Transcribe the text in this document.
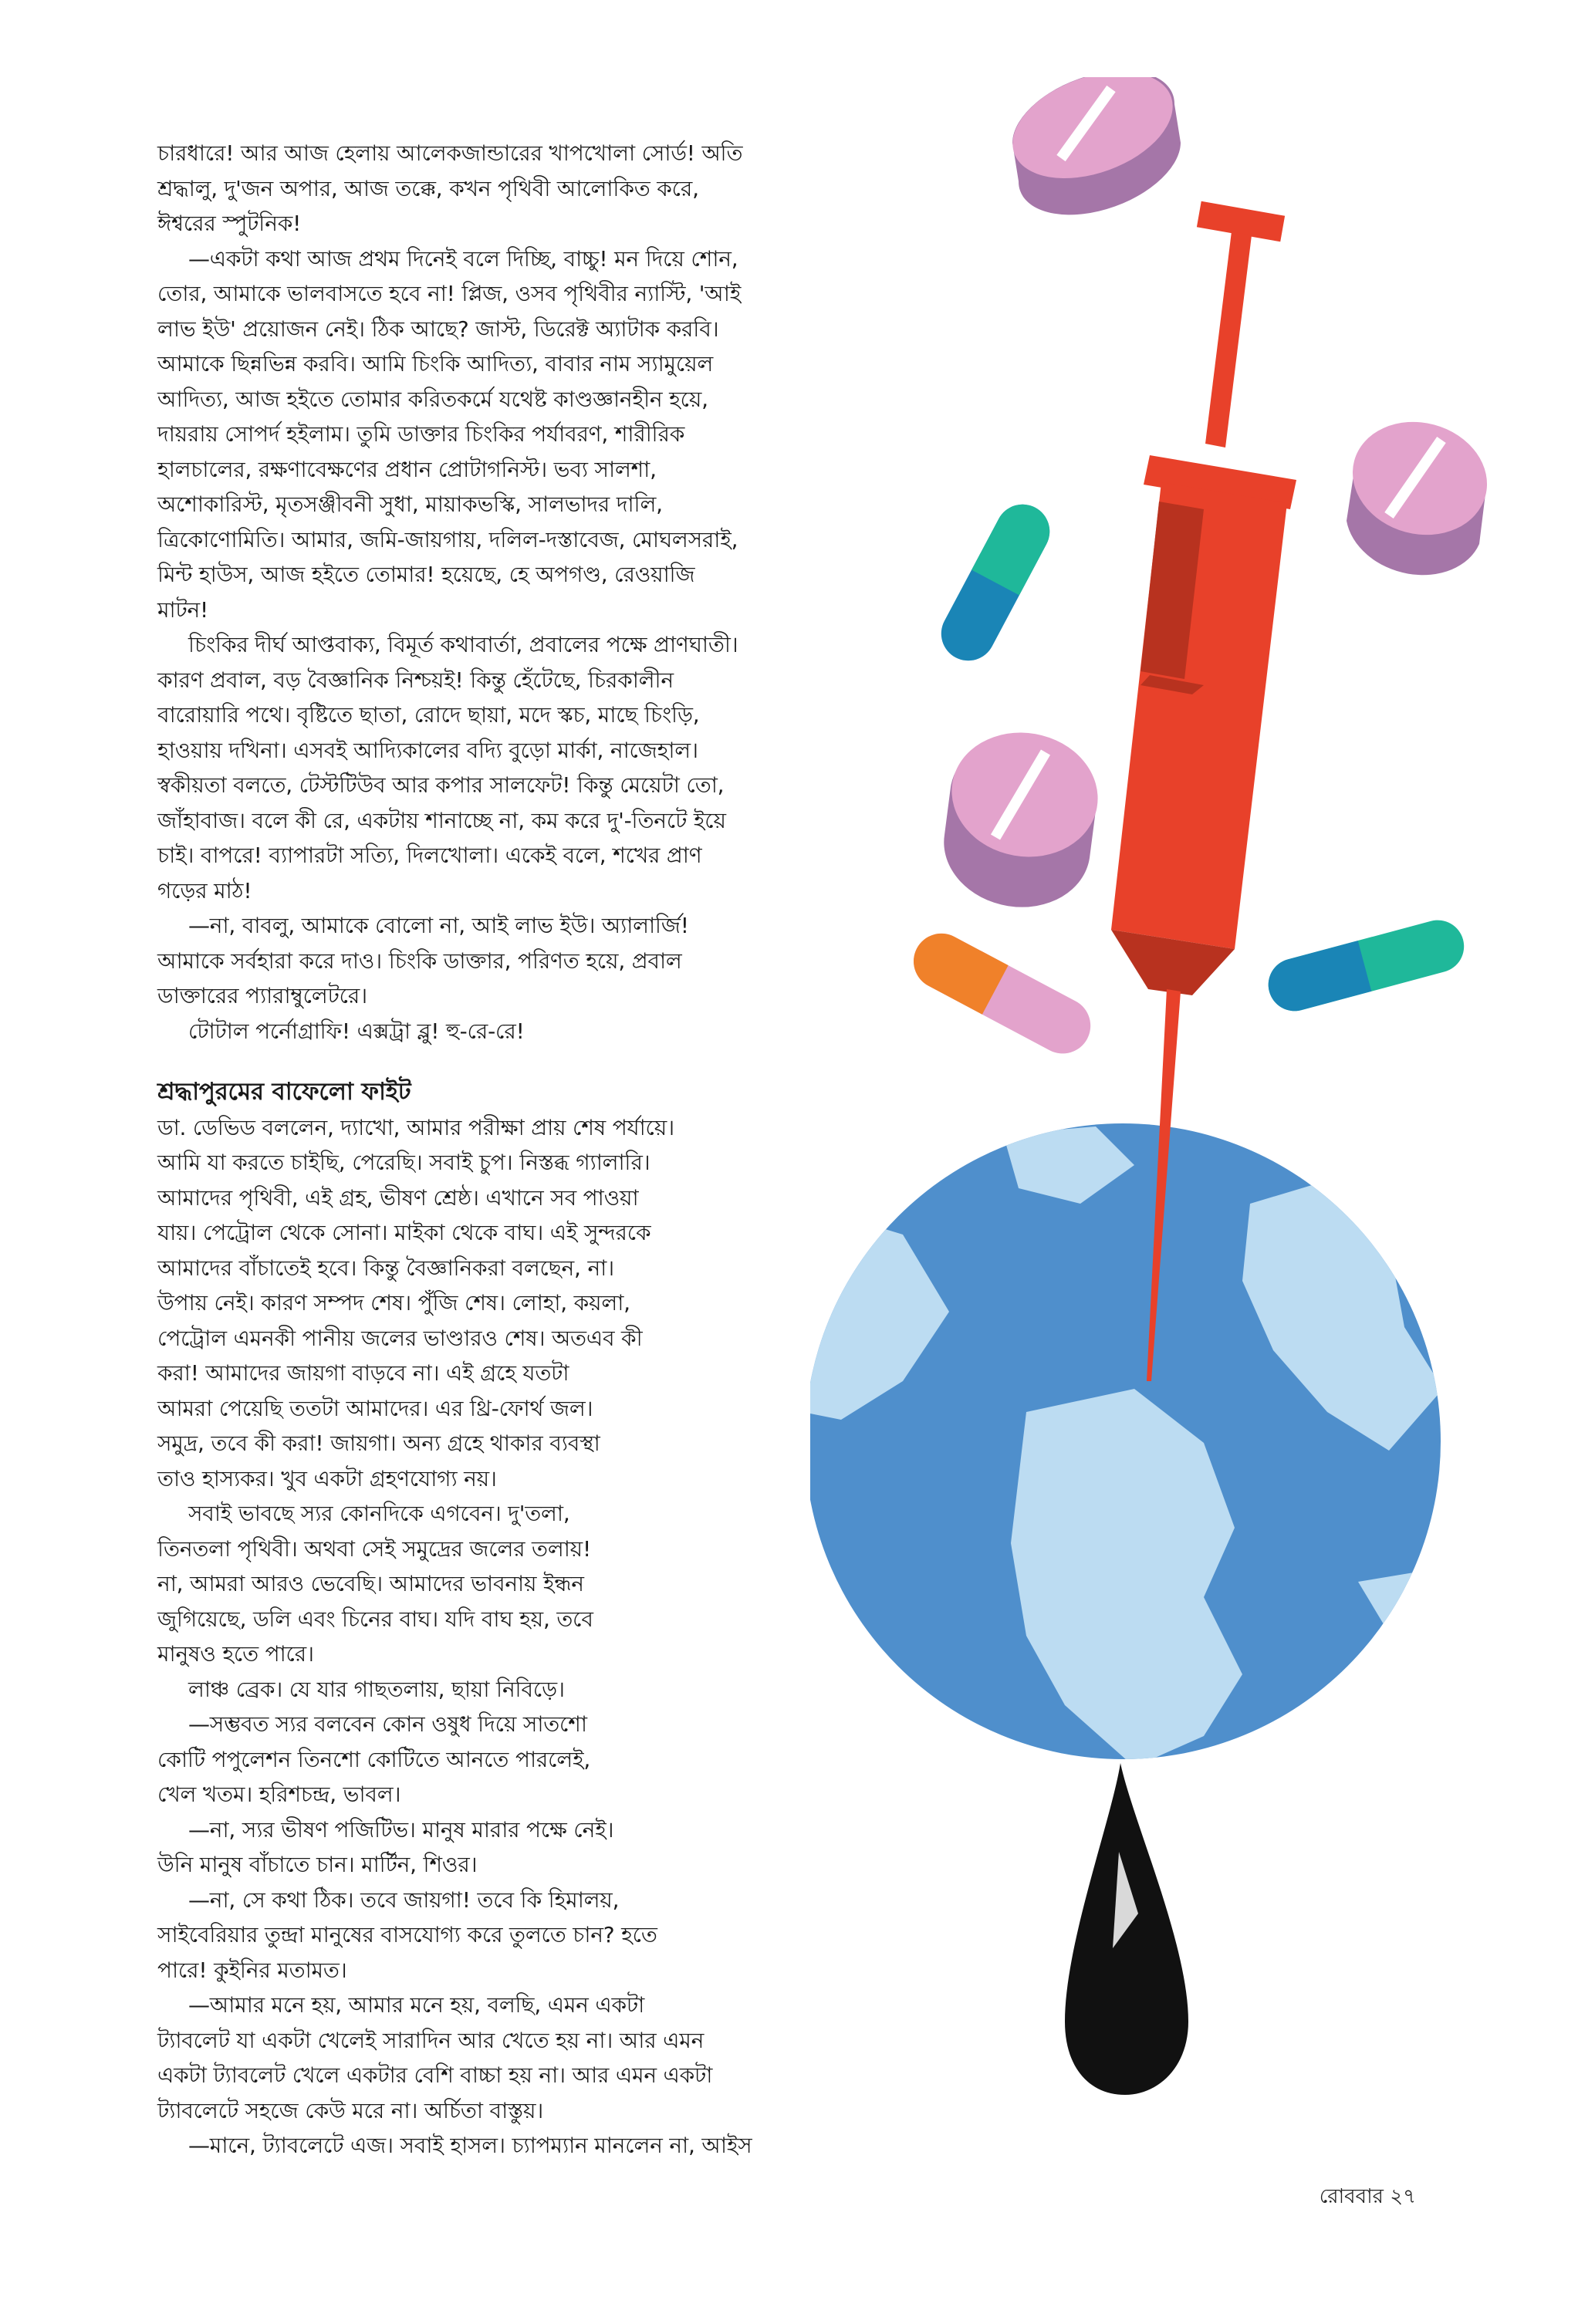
চারধারে! আর আজ হেলায় আলেকজান্ডারের খাপখোলা সোর্ড! অতি
শ্রদ্ধালু, দু'জন অপার, আজ তক্কে, কখন পৃথিবী আলোকিত করে,
ঈশ্বরের স্পুটনিক!
—একটা কথা আজ প্রথম দিনেই বলে দিচ্ছি, বাচ্চু! মন দিয়ে শোন,
তোর, আমাকে ভালবাসতে হবে না! প্লিজ, ওসব পৃথিবীর ন্যাস্টি, 'আই
লাভ ইউ' প্রয়োজন নেই। ঠিক আছে? জাস্ট, ডিরেক্ট অ্যাটাক করবি।
আমাকে ছিন্নভিন্ন করবি। আমি চিংকি আদিত্য, বাবার নাম স্যামুয়েল
আদিত্য, আজ হইতে তোমার করিতকর্মে যথেষ্ট কাণ্ডজ্ঞানহীন হয়ে,
দায়রায় সোপর্দ হইলাম। তুমি ডাক্তার চিংকির পর্যাবরণ, শারীরিক
হালচালের, রক্ষণাবেক্ষণের প্রধান প্রোটাগনিস্ট। ভব্য সালশা,
অশোকারিস্ট, মৃতসঞ্জীবনী সুধা, মায়াকভস্কি, সালভাদর দালি,
ত্রিকোণোমিতি। আমার, জমি-জায়গায়, দলিল-দস্তাবেজ, মোঘলসরাই,
মিন্ট হাউস, আজ হইতে তোমার! হয়েছে, হে অপগণ্ড, রেওয়াজি
মাটন!
চিংকির দীর্ঘ আপ্তবাক্য, বিমূর্ত কথাবার্তা, প্রবালের পক্ষে প্রাণঘাতী।
কারণ প্রবাল, বড় বৈজ্ঞানিক নিশ্চয়ই! কিন্তু হেঁটেছে, চিরকালীন
বারোয়ারি পথে। বৃষ্টিতে ছাতা, রোদে ছায়া, মদে স্কচ, মাছে চিংড়ি,
হাওয়ায় দখিনা। এসবই আদ্যিকালের বদ্যি বুড়ো মার্কা, নাজেহাল।
স্বকীয়তা বলতে, টেস্টটিউব আর কপার সালফেট! কিন্তু মেয়েটা তো,
জাঁহাবাজ। বলে কী রে, একটায় শানাচ্ছে না, কম করে দু'-তিনটে ইয়ে
চাই। বাপরে! ব্যাপারটা সত্যি, দিলখোলা। একেই বলে, শখের প্রাণ
গড়ের মাঠ!
—না, বাবলু, আমাকে বোলো না, আই লাভ ইউ। অ্যালার্জি!
আমাকে সর্বহারা করে দাও। চিংকি ডাক্তার, পরিণত হয়ে, প্রবাল
ডাক্তারের প্যারাম্বুলেটরে।
টোটাল পর্নোগ্রাফি! এক্সট্রা ব্লু! হু-রে-রে!
শ্রদ্ধাপুরমের বাফেলো ফাইট
ডা. ডেভিড বললেন, দ্যাখো, আমার পরীক্ষা প্রায় শেষ পর্যায়ে।
আমি যা করতে চাইছি, পেরেছি। সবাই চুপ। নিস্তব্ধ গ্যালারি।
আমাদের পৃথিবী, এই গ্রহ, ভীষণ শ্রেষ্ঠ। এখানে সব পাওয়া
যায়। পেট্রোল থেকে সোনা। মাইকা থেকে বাঘ। এই সুন্দরকে
আমাদের বাঁচাতেই হবে। কিন্তু বৈজ্ঞানিকরা বলছেন, না।
উপায় নেই। কারণ সম্পদ শেষ। পুঁজি শেষ। লোহা, কয়লা,
পেট্রোল এমনকী পানীয় জলের ভাণ্ডারও শেষ। অতএব কী
করা! আমাদের জায়গা বাড়বে না। এই গ্রহে যতটা
আমরা পেয়েছি ততটা আমাদের। এর থ্রি-ফোর্থ জল।
সমুদ্র, তবে কী করা! জায়গা। অন্য গ্রহে থাকার ব্যবস্থা
তাও হাস্যকর। খুব একটা গ্রহণযোগ্য নয়।
সবাই ভাবছে স্যর কোনদিকে এগবেন। দু'তলা,
তিনতলা পৃথিবী। অথবা সেই সমুদ্রের জলের তলায়!
না, আমরা আরও ভেবেছি। আমাদের ভাবনায় ইন্ধন
জুগিয়েছে, ডলি এবং চিনের বাঘ। যদি বাঘ হয়, তবে
মানুষও হতে পারে।
লাঞ্চ ব্রেক। যে যার গাছতলায়, ছায়া নিবিড়ে।
—সম্ভবত স্যর বলবেন কোন ওষুধ দিয়ে সাতশো
কোটি পপুলেশন তিনশো কোটিতে আনতে পারলেই,
খেল খতম। হরিশচন্দ্র, ভাবল।
—না, স্যর ভীষণ পজিটিভ। মানুষ মারার পক্ষে নেই।
উনি মানুষ বাঁচাতে চান। মার্টিন, শিওর।
—না, সে কথা ঠিক। তবে জায়গা! তবে কি হিমালয়,
সাইবেরিয়ার তুন্দ্রা মানুষের বাসযোগ্য করে তুলতে চান? হতে
পারে! কুইনির মতামত।
—আমার মনে হয়, আমার মনে হয়, বলছি, এমন একটা
ট্যাবলেট যা একটা খেলেই সারাদিন আর খেতে হয় না। আর এমন
একটা ট্যাবলেট খেলে একটার বেশি বাচ্চা হয় না। আর এমন একটা
ট্যাবলেটে সহজে কেউ মরে না। অর্চিতা বাস্তুয়।
—মানে, ট্যাবলেটে এজ। সবাই হাসল। চ্যাপম্যান মানলেন না, আইস
রোববার ২৭
